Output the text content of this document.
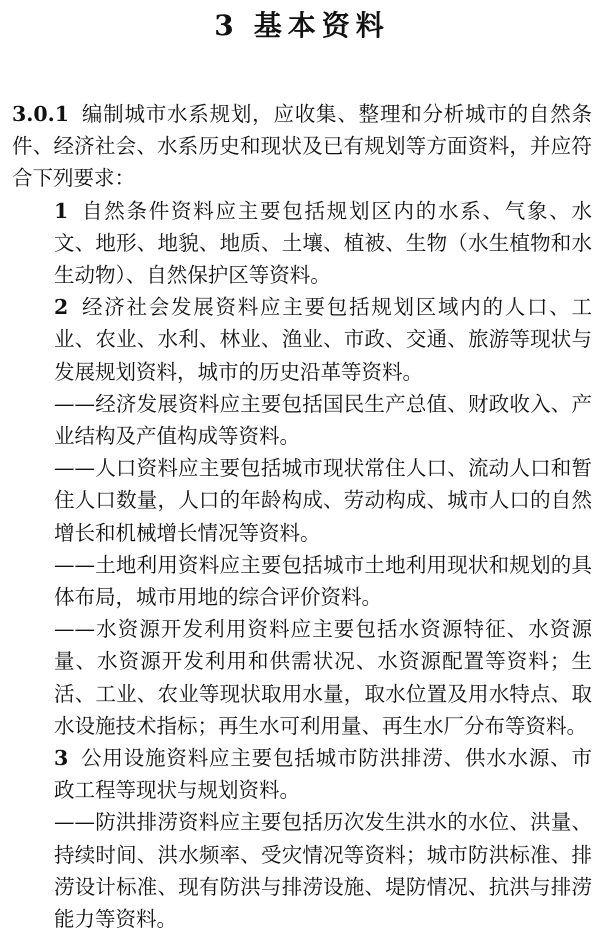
3 基本资料

3.0.1 编制城市水系规划，应收集、整理和分析城市的自然条件、经济社会、水系历史和现状及已有规划等方面资料，并应符合下列要求：

1 自然条件资料应主要包括规划区内的水系、气象、水文、地形、地貌、地质、土壤、植被、生物（水生植物和水生动物）、自然保护区等资料。

2 经济社会发展资料应主要包括规划区域内的人口、工业、农业、水利、林业、渔业、市政、交通、旅游等现状与发展规划资料，城市的历史沿革等资料。

——经济发展资料应主要包括国民生产总值、财政收入、产业结构及产值构成等资料。

——人口资料应主要包括城市现状常住人口、流动人口和暂住人口数量，人口的年龄构成、劳动构成、城市人口的自然增长和机械增长情况等资料。

——土地利用资料应主要包括城市土地利用现状和规划的具体布局，城市用地的综合评价资料。

——水资源开发利用资料应主要包括水资源特征、水资源量、水资源开发利用和供需状况、水资源配置等资料；生活、工业、农业等现状取用水量，取水位置及用水特点、取水设施技术指标；再生水可利用量、再生水厂分布等资料。

3 公用设施资料应主要包括城市防洪排涝、供水水源、市政工程等现状与规划资料。

——防洪排涝资料应主要包括历次发生洪水的水位、洪量、持续时间、洪水频率、受灾情况等资料；城市防洪标准、排涝设计标准、现有防洪与排涝设施、堤防情况、抗洪与排涝能力等资料。
